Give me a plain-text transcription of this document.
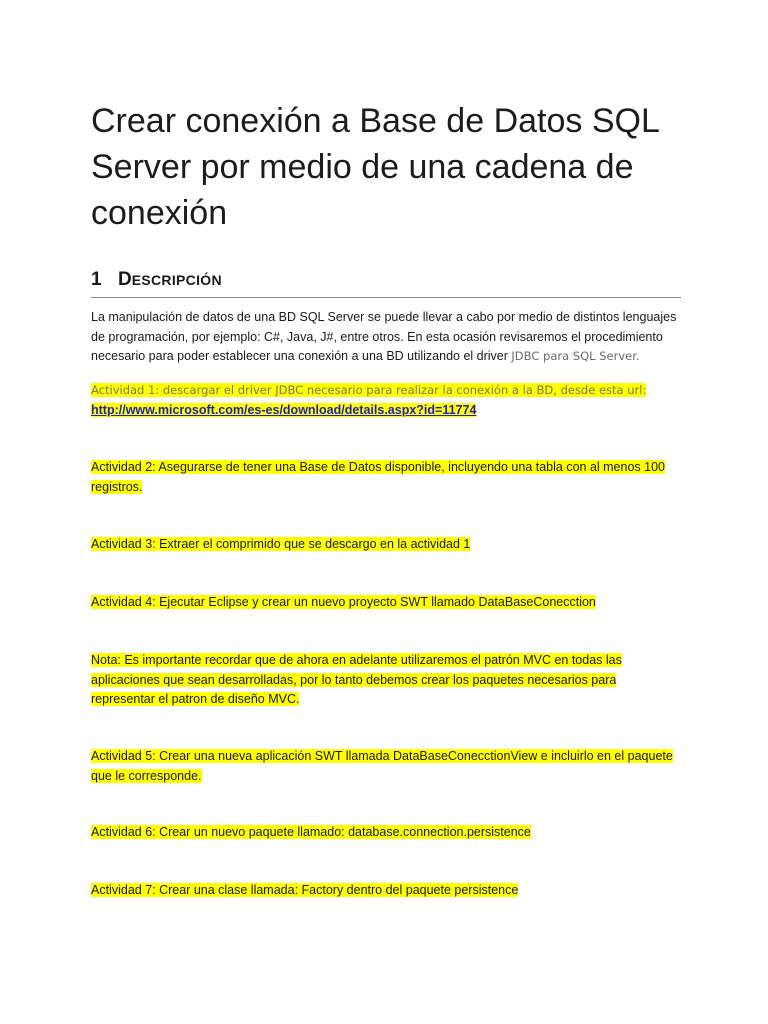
Crear conexión a Base de Datos SQL Server por medio de una cadena de conexión
1 DESCRIPCIÓN

La manipulación de datos de una BD SQL Server se puede llevar a cabo por medio de distintos lenguajes de programación, por ejemplo: C#, Java, J#, entre otros. En esta ocasión revisaremos el procedimiento necesario para poder establecer una conexión a una BD utilizando el driver JDBC para SQL Server.

Actividad 1: descargar el driver JDBC necesario para realizar la conexión a la BD, desde esta url:
http://www.microsoft.com/es-es/download/details.aspx?id=11774
Actividad 2: Asegurarse de tener una Base de Datos disponible, incluyendo una tabla con al menos 100 registros.
Actividad 3: Extraer el comprimido que se descargo en la actividad 1
Actividad 4: Ejecutar Eclipse y crear un nuevo proyecto SWT llamado DataBaseConecction
Nota: Es importante recordar que de ahora en adelante utilizaremos el patrón MVC en todas las aplicaciones que sean desarrolladas, por lo tanto debemos crear los paquetes necesarios para representar el patron de diseño MVC.
Actividad 5: Crear una nueva aplicación SWT llamada DataBaseConecctionView e incluirlo en el paquete que le corresponde.
Actividad 6: Crear un nuevo paquete llamado: database.connection.persistence
Actividad 7: Crear una clase llamada: Factory dentro del paquete persistence
